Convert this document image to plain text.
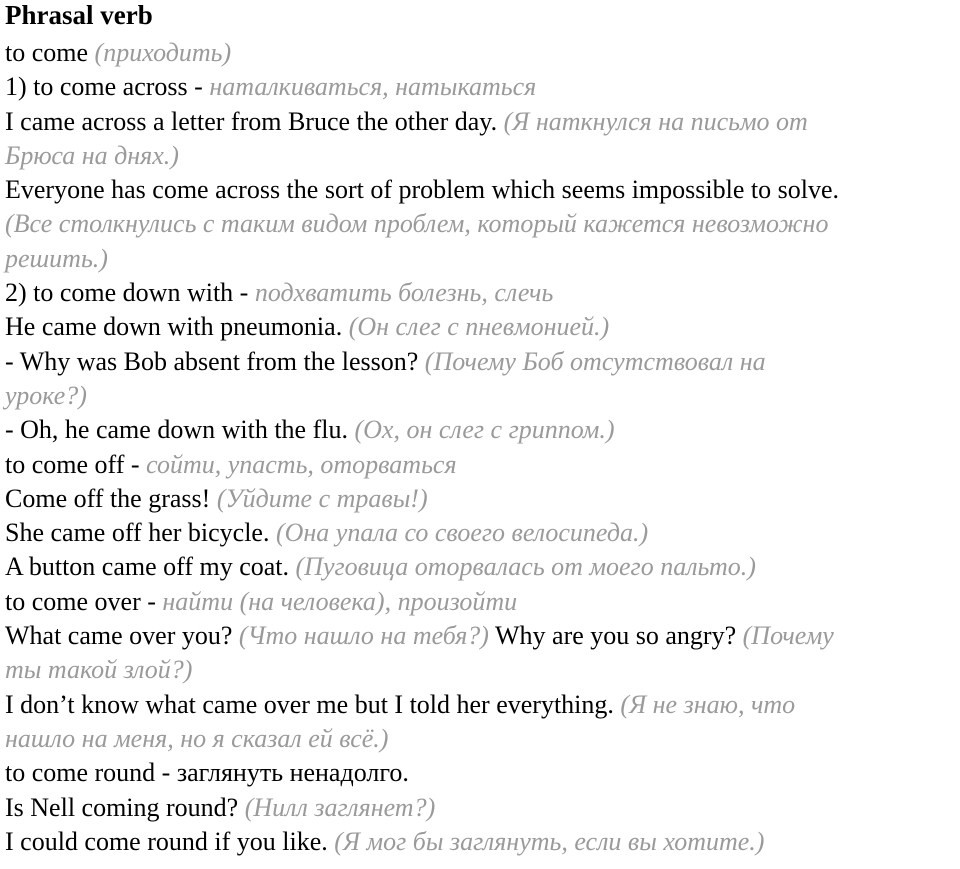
Phrasal verb
to come (приходить)
1) to come across - наталкиваться, натыкаться
I came across a letter from Bruce the other day. (Я наткнулся на письмо от
Брюса на днях.)
Everyone has come across the sort of problem which seems impossible to solve.
(Все столкнулись с таким видом проблем, который кажется невозможно
решить.)
2) to come down with - подхватить болезнь, слечь
He came down with pneumonia. (Он слег с пневмонией.)
- Why was Bob absent from the lesson? (Почему Боб отсутствовал на
уроке?)
- Oh, he came down with the flu. (Ох, он слег с гриппом.)
to come off - сойти, упасть, оторваться
Come off the grass! (Уйдите с травы!)
She came off her bicycle. (Она упала со своего велосипеда.)
A button came off my coat. (Пуговица оторвалась от моего пальто.)
to come over - найти (на человека), произойти
What came over you? (Что нашло на тебя?) Why are you so angry? (Почему
ты такой злой?)
I don’t know what came over me but I told her everything. (Я не знаю, что
нашло на меня, но я сказал ей всё.)
to come round - заглянуть ненадолго.
Is Nell coming round? (Нилл заглянет?)
I could come round if you like. (Я мог бы заглянуть, если вы хотите.)
